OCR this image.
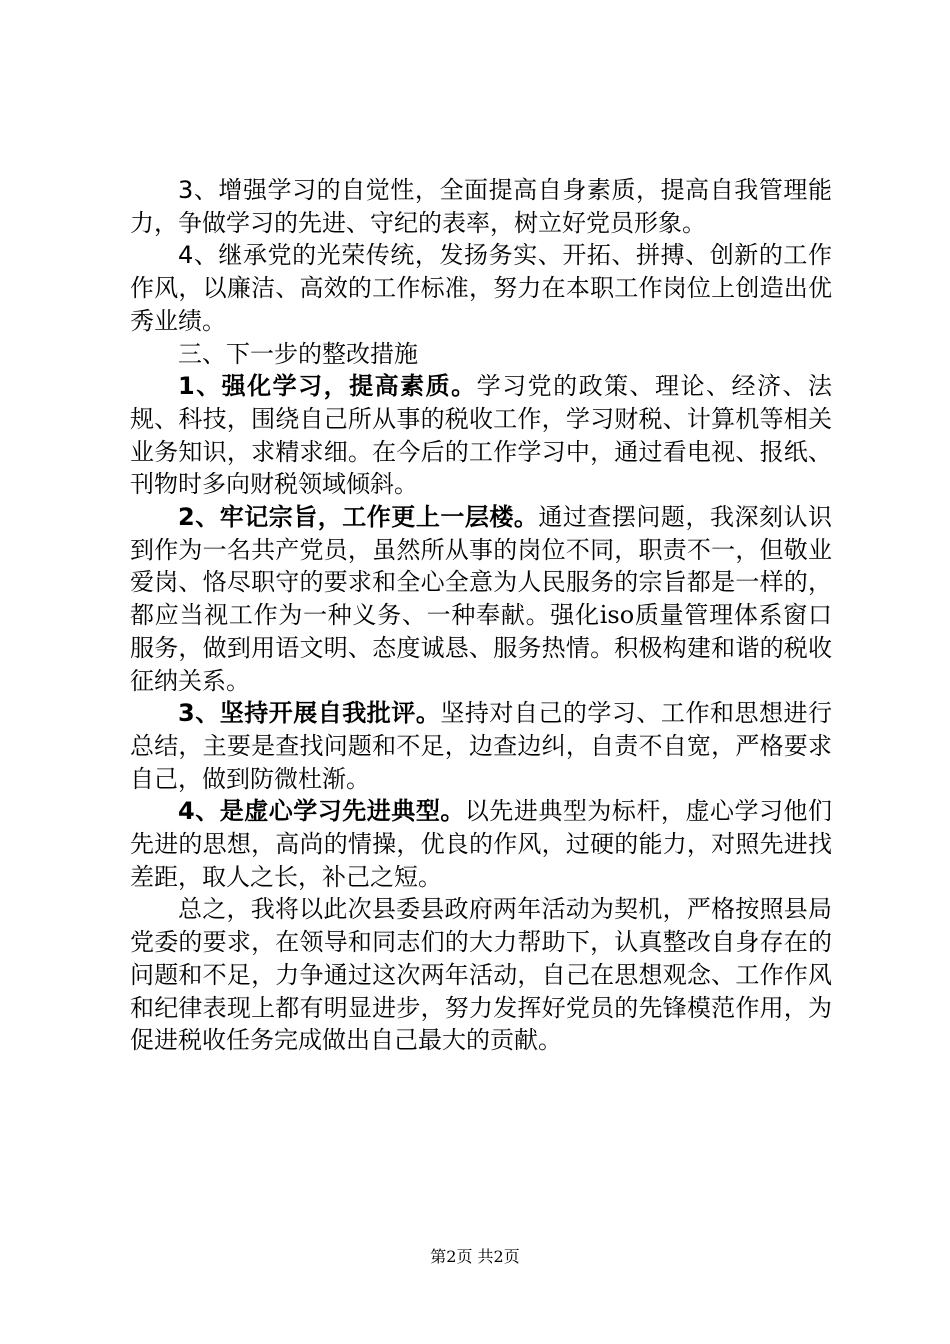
3、增强学习的自觉性，全面提高自身素质，提高自我管理能力，争做学习的先进、守纪的表率，树立好党员形象。

4、继承党的光荣传统，发扬务实、开拓、拼搏、创新的工作作风，以廉洁、高效的工作标准，努力在本职工作岗位上创造出优秀业绩。

三、下一步的整改措施

1、强化学习，提高素质。学习党的政策、理论、经济、法规、科技，围绕自己所从事的税收工作，学习财税、计算机等相关业务知识，求精求细。在今后的工作学习中，通过看电视、报纸、刊物时多向财税领域倾斜。

2、牢记宗旨，工作更上一层楼。通过查摆问题，我深刻认识到作为一名共产党员，虽然所从事的岗位不同，职责不一，但敬业爱岗、恪尽职守的要求和全心全意为人民服务的宗旨都是一样的，都应当视工作为一种义务、一种奉献。强化iso质量管理体系窗口服务，做到用语文明、态度诚恳、服务热情。积极构建和谐的税收征纳关系。

3、坚持开展自我批评。坚持对自己的学习、工作和思想进行总结，主要是查找问题和不足，边查边纠，自责不自宽，严格要求自己，做到防微杜渐。

4、是虚心学习先进典型。以先进典型为标杆，虚心学习他们先进的思想，高尚的情操，优良的作风，过硬的能力，对照先进找差距，取人之长，补己之短。

总之，我将以此次县委县政府两年活动为契机，严格按照县局党委的要求，在领导和同志们的大力帮助下，认真整改自身存在的问题和不足，力争通过这次两年活动，自己在思想观念、工作作风和纪律表现上都有明显进步，努力发挥好党员的先锋模范作用，为促进税收任务完成做出自己最大的贡献。

第2页 共2页
